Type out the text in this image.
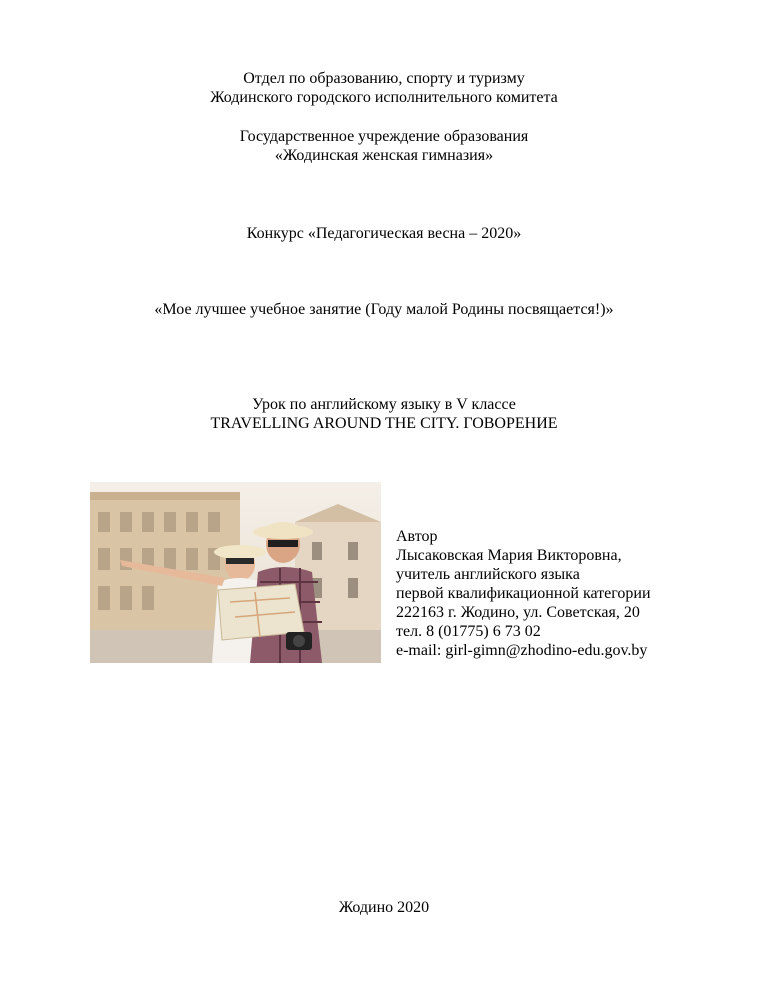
Отдел по образованию, спорту и туризму
Жодинского городского исполнительного комитета
Государственное учреждение образования
«Жодинская женская гимназия»
Конкурс «Педагогическая весна – 2020»
«Мое лучшее учебное занятие (Году малой Родины посвящается!)»
Урок по английскому языку в V классе
TRAVELLING AROUND THE CITY. ГОВОРЕНИЕ
Автор
Лысаковская Мария Викторовна,
учитель английского языка
первой квалификационной категории
222163 г. Жодино, ул. Советская, 20
тел. 8 (01775) 6 73 02
e-mail: girl-gimn@zhodino-edu.gov.by
Жодино 2020
